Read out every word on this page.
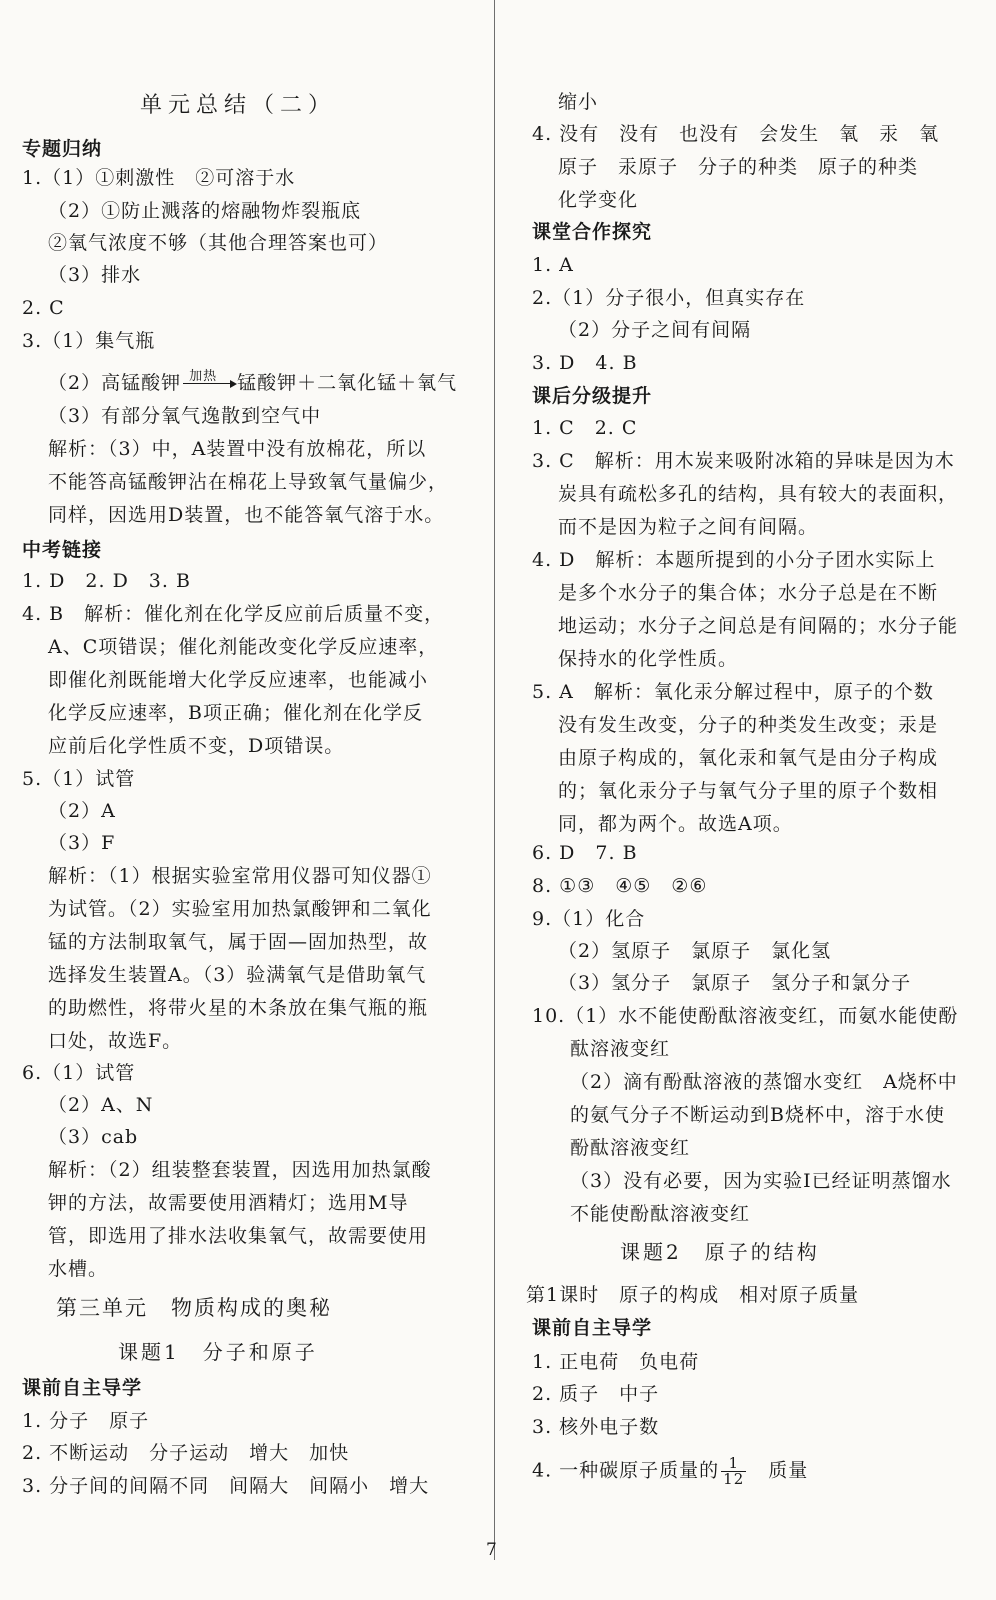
单元总结（二）
专题归纳
中考链接
1.（1）①刺激性　②可溶于水
（2）①防止溅落的熔融物炸裂瓶底
②氧气浓度不够（其他合理答案也可）
（3）排水
2. C
3.（1）集气瓶
（3）有部分氧气逸散到空气中
解析：（3）中，A装置中没有放棉花，所以
不能答高锰酸钾沾在棉花上导致氧气量偏少，
同样，因选用D装置，也不能答氧气溶于水。
1. D　2. D　3. B
4. B　解析：催化剂在化学反应前后质量不变，
A、C项错误；催化剂能改变化学反应速率，
即催化剂既能增大化学反应速率，也能减小
化学反应速率，B项正确；催化剂在化学反
应前后化学性质不变，D项错误。
5.（1）试管
（2）A
（3）F
解析：（1）根据实验室常用仪器可知仪器①
为试管。（2）实验室用加热氯酸钾和二氧化
锰的方法制取氧气，属于固—固加热型，故
选择发生装置A。（3）验满氧气是借助氧气
的助燃性，将带火星的木条放在集气瓶的瓶
口处，故选F。
6.（1）试管
（2）A、N
（3）cab
解析：（2）组装整套装置，因选用加热氯酸
钾的方法，故需要使用酒精灯；选用M导
管，即选用了排水法收集氧气，故需要使用
水槽。
1. 分子　原子
2. 不断运动　分子运动　增大　加快
3. 分子间的间隔不同　间隔大　间隔小　增大
（2）高锰酸钾 加热 锰酸钾＋二氧化锰＋氧气
第三单元　物质构成的奥秘
课题1　分子和原子
课前自主导学
课堂合作探究
课后分级提升
课前自主导学
缩小
4. 没有　没有　也没有　会发生　氧　汞　氧
原子　汞原子　分子的种类　原子的种类
化学变化
1. A
2.（1）分子很小，但真实存在
（2）分子之间有间隔
3. D　4. B
1. C　2. C
3. C　解析：用木炭来吸附冰箱的异味是因为木
炭具有疏松多孔的结构，具有较大的表面积，
而不是因为粒子之间有间隔。
4. D　解析：本题所提到的小分子团水实际上
是多个水分子的集合体；水分子总是在不断
地运动；水分子之间总是有间隔的；水分子能
保持水的化学性质。
5. A　解析：氧化汞分解过程中，原子的个数
没有发生改变，分子的种类发生改变；汞是
由原子构成的，氧化汞和氧气是由分子构成
的；氧化汞分子与氧气分子里的原子个数相
同，都为两个。故选A项。
6. D　7. B
8. ①③　④⑤　②⑥
9.（1）化合
（2）氢原子　氯原子　氯化氢
（3）氢分子　氯原子　氢分子和氯分子
10.（1）水不能使酚酞溶液变红，而氨水能使酚
酞溶液变红
（2）滴有酚酞溶液的蒸馏水变红　A烧杯中
的氨气分子不断运动到B烧杯中，溶于水使
酚酞溶液变红
（3）没有必要，因为实验Ⅰ已经证明蒸馏水
不能使酚酞溶液变红
1. 正电荷　负电荷
2. 质子　中子
3. 核外电子数
课题2　原子的结构
第1课时　原子的构成　相对原子质量
4. 一种碳原子质量的 $\frac{1}{12}$
　 质量
7
